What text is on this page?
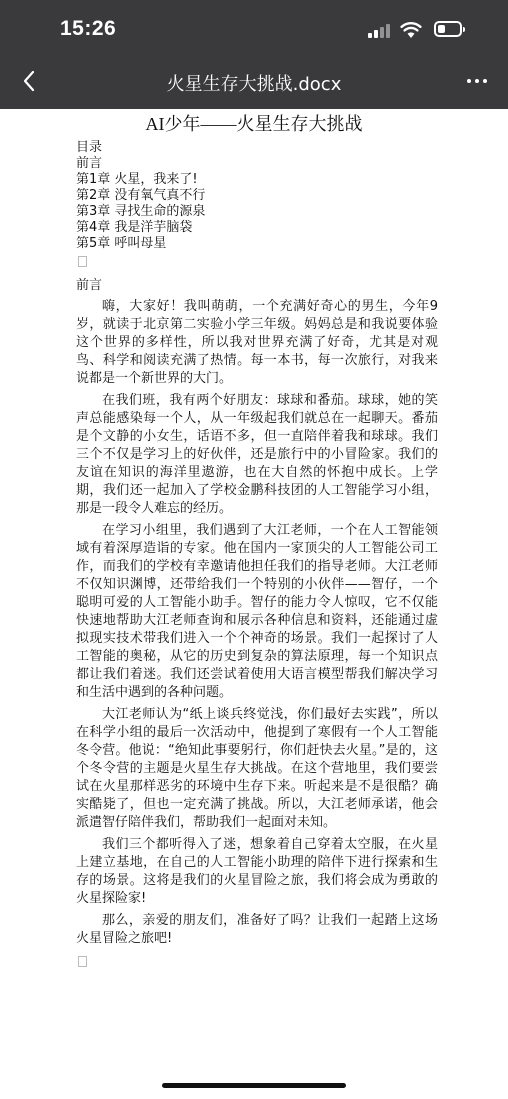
15:26
火星生存大挑战.docx
AI少年——火星生存大挑战
目录
前言
第1章 火星，我来了!
第2章 没有氧气真不行
第3章 寻找生命的源泉
第4章 我是洋芋脑袋
第5章 呼叫母星
前言

嗨，大家好！我叫萌萌，一个充满好奇心的男生，今年9岁，就读于北京第二实验小学三年级。妈妈总是和我说要体验这个世界的多样性，所以我对世界充满了好奇，尤其是对观鸟、科学和阅读充满了热情。每一本书，每一次旅行，对我来说都是一个新世界的大门。

在我们班，我有两个好朋友：球球和番茄。球球，她的笑声总能感染每一个人，从一年级起我们就总在一起聊天。番茄是个文静的小女生，话语不多，但一直陪伴着我和球球。我们三个不仅是学习上的好伙伴，还是旅行中的小冒险家。我们的友谊在知识的海洋里遨游，也在大自然的怀抱中成长。上学期，我们还一起加入了学校金鹏科技团的人工智能学习小组，那是一段令人难忘的经历。

在学习小组里，我们遇到了大江老师，一个在人工智能领域有着深厚造诣的专家。他在国内一家顶尖的人工智能公司工作，而我们的学校有幸邀请他担任我们的指导老师。大江老师不仅知识渊博，还带给我们一个特别的小伙伴——智仔，一个聪明可爱的人工智能小助手。智仔的能力令人惊叹，它不仅能快速地帮助大江老师查询和展示各种信息和资料，还能通过虚拟现实技术带我们进入一个个神奇的场景。我们一起探讨了人工智能的奥秘，从它的历史到复杂的算法原理，每一个知识点都让我们着迷。我们还尝试着使用大语言模型帮我们解决学习和生活中遇到的各种问题。

大江老师认为“纸上谈兵终觉浅，你们最好去实践”，所以在科学小组的最后一次活动中，他提到了寒假有一个人工智能冬令营。他说：“绝知此事要躬行，你们赶快去火星。”是的，这个冬令营的主题是火星生存大挑战。在这个营地里，我们要尝试在火星那样恶劣的环境中生存下来。听起来是不是很酷？确实酷毙了，但也一定充满了挑战。所以，大江老师承诺，他会派遣智仔陪伴我们，帮助我们一起面对未知。

我们三个都听得入了迷，想象着自己穿着太空服，在火星上建立基地，在自己的人工智能小助理的陪伴下进行探索和生存的场景。这将是我们的火星冒险之旅，我们将会成为勇敢的火星探险家!

那么，亲爱的朋友们，准备好了吗？让我们一起踏上这场火星冒险之旅吧!
